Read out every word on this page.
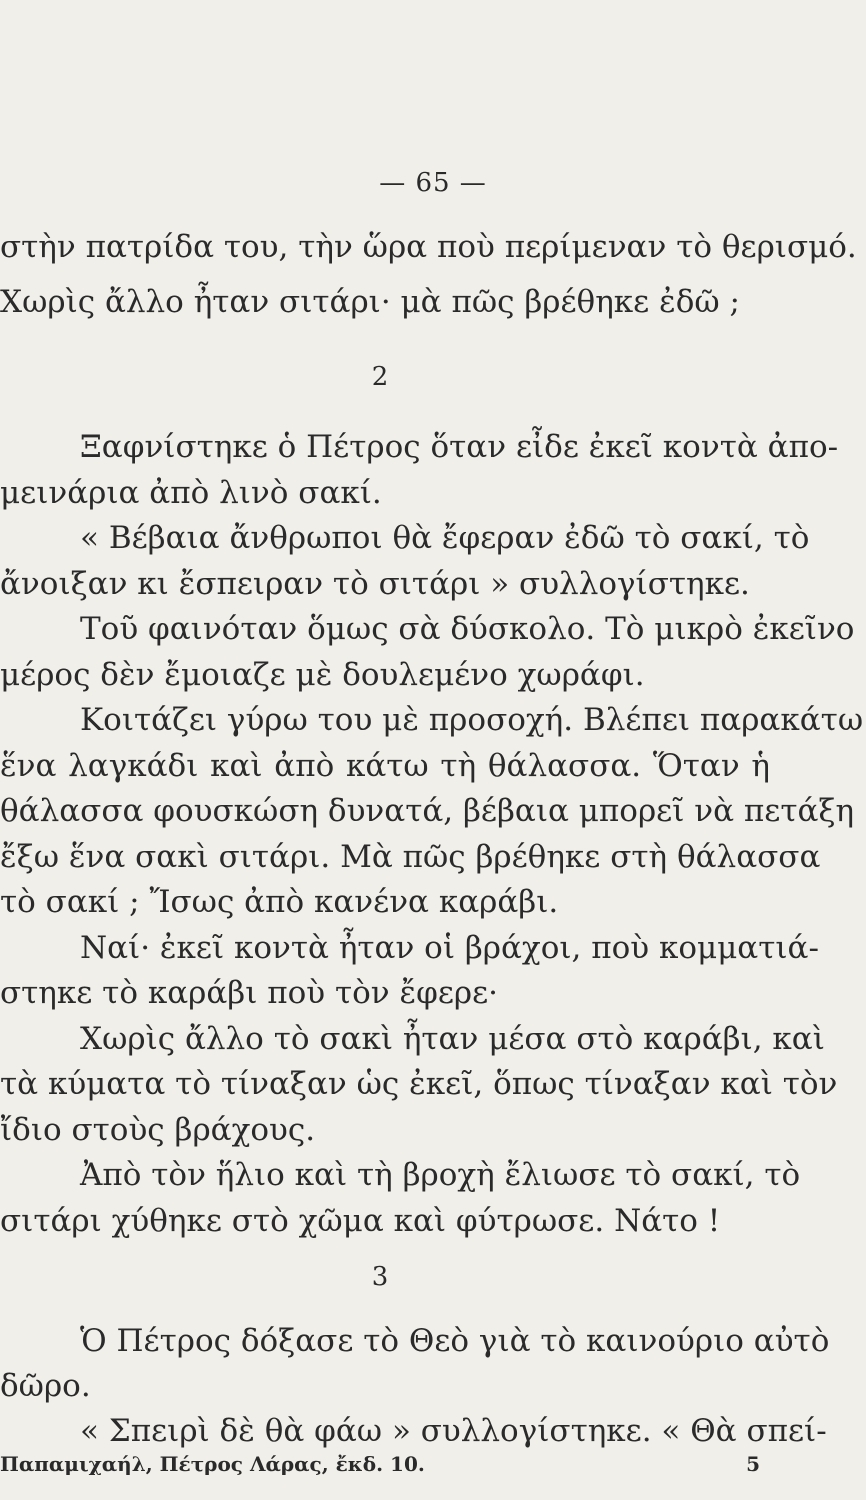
— 65 —
στὴν πατρίδα του, τὴν ὥρα ποὺ περίμεναν τὸ θερισμό.
Χωρὶς ἄλλο ἦταν σιτάρι· μὰ πῶς βρέθηκε ἐδῶ ;
2
Ξαφνίστηκε ὁ Πέτρος ὅταν εἶδε ἐκεῖ κοντὰ ἀπο-
μεινάρια ἀπὸ λινὸ σακί.
« Βέβαια ἄνθρωποι θὰ ἔφεραν ἐδῶ τὸ σακί, τὸ
ἄνοιξαν κι ἔσπειραν τὸ σιτάρι » συλλογίστηκε.
Τοῦ φαινόταν ὅμως σὰ δύσκολο. Τὸ μικρὸ ἐκεῖνο
μέρος δὲν ἔμοιαζε μὲ δουλεμένο χωράφι.
Κοιτάζει γύρω του μὲ προσοχή. Βλέπει παρακάτω
ἕνα λαγκάδι καὶ ἀπὸ κάτω τὴ θάλασσα. Ὅταν ἡ
θάλασσα φουσκώση δυνατά, βέβαια μπορεῖ νὰ πετάξη
ἔξω ἕνα σακὶ σιτάρι. Μὰ πῶς βρέθηκε στὴ θάλασσα
τὸ σακί ; Ἴσως ἀπὸ κανένα καράβι.
Ναί· ἐκεῖ κοντὰ ἦταν οἱ βράχοι, ποὺ κομματιά-
στηκε τὸ καράβι ποὺ τὸν ἔφερε·
Χωρὶς ἄλλο τὸ σακὶ ἦταν μέσα στὸ καράβι, καὶ
τὰ κύματα τὸ τίναξαν ὡς ἐκεῖ, ὅπως τίναξαν καὶ τὸν
ἴδιο στοὺς βράχους.
Ἀπὸ τὸν ἥλιο καὶ τὴ βροχὴ ἔλιωσε τὸ σακί, τὸ
σιτάρι χύθηκε στὸ χῶμα καὶ φύτρωσε. Νάτο !
3
Ὁ Πέτρος δόξασε τὸ Θεὸ γιὰ τὸ καινούριο αὐτὸ
δῶρο.
« Σπειρὶ δὲ θὰ φάω » συλλογίστηκε. « Θὰ σπεί-
Παπαμιχαήλ, Πέτρος Λάρας, ἔκδ. 10.	5
